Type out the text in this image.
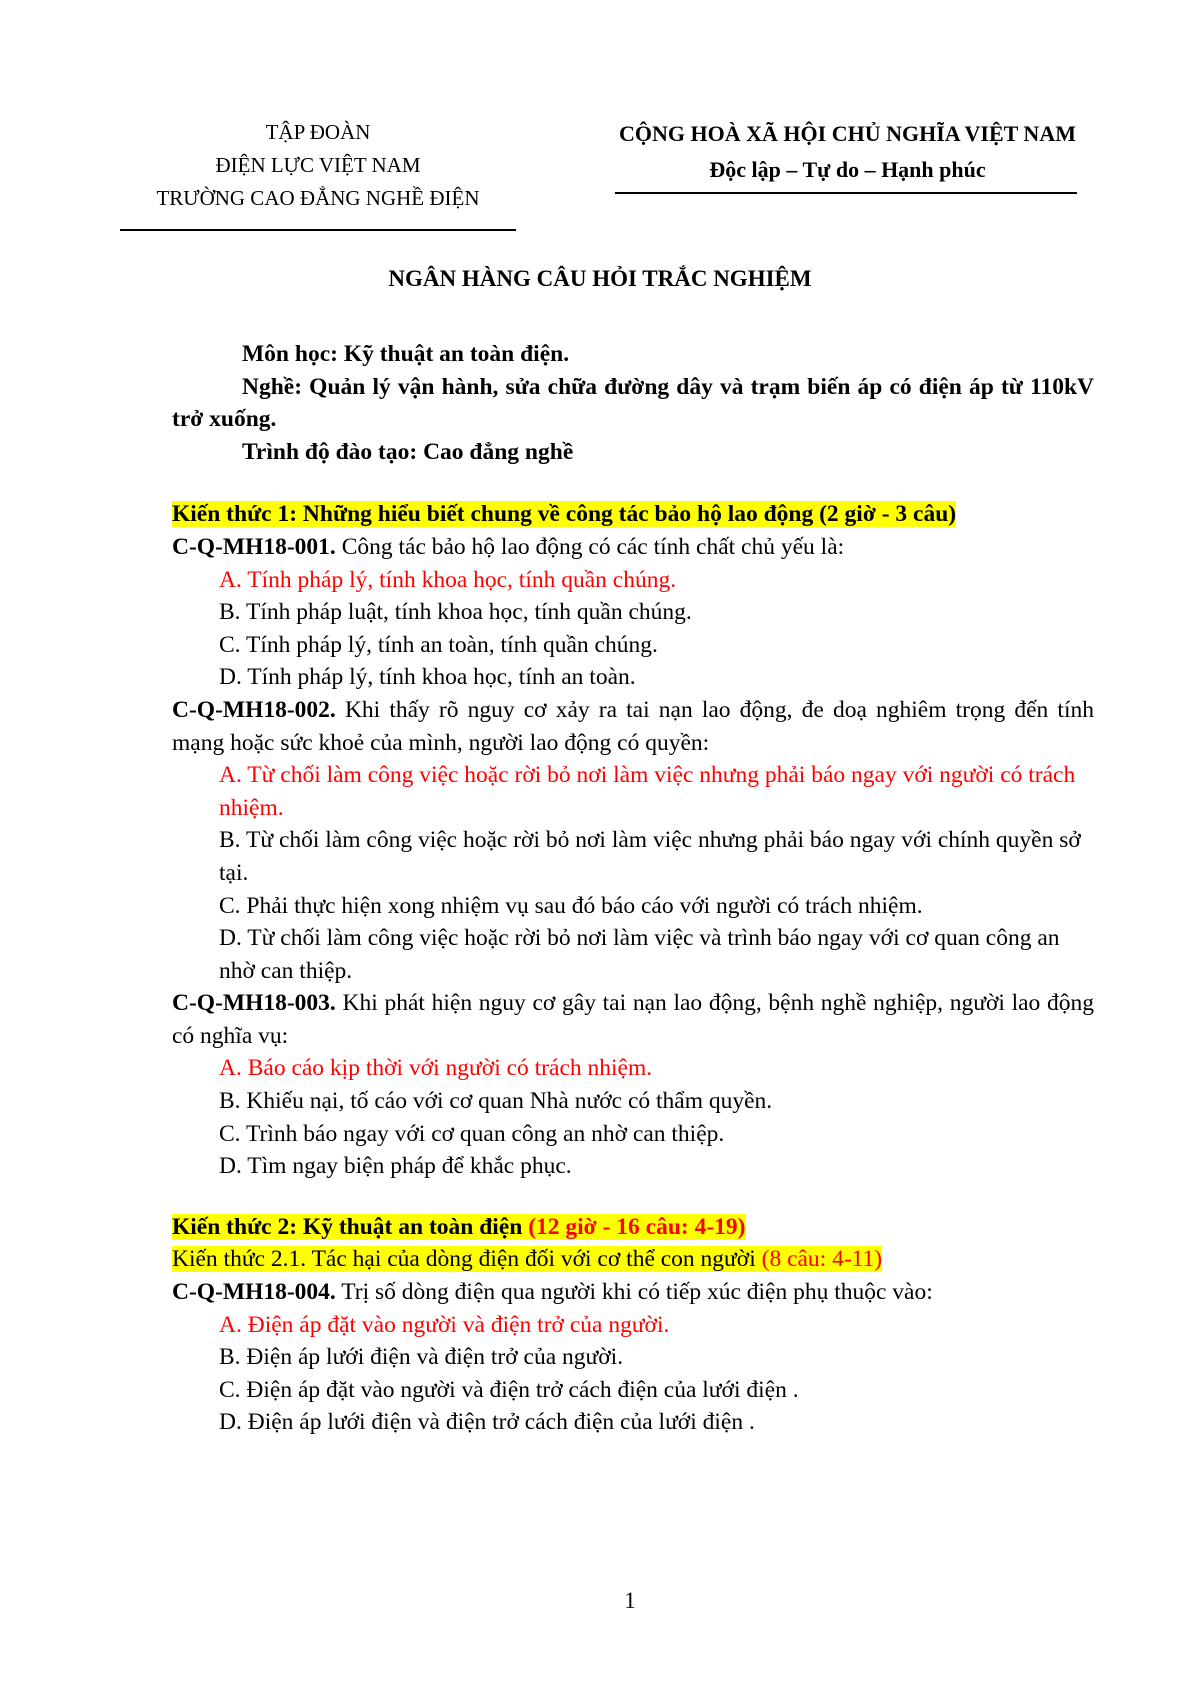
TẬP ĐOÀN
ĐIỆN LỰC VIỆT NAM
TRƯỜNG CAO ĐẲNG NGHỀ ĐIỆN
CỘNG HOÀ XÃ HỘI CHỦ NGHĨA VIỆT NAM
Độc lập – Tự do – Hạnh phúc
NGÂN HÀNG CÂU HỎI TRẮC NGHIỆM

Môn học: Kỹ thuật an toàn điện.

Nghề: Quản lý vận hành, sửa chữa đường dây và trạm biến áp có điện áp từ 110kV trở xuống.

Trình độ đào tạo: Cao đẳng nghề

Kiến thức 1: Những hiểu biết chung về công tác bảo hộ lao động (2 giờ - 3 câu)

C-Q-MH18-001. Công tác bảo hộ lao động có các tính chất chủ yếu là:

A. Tính pháp lý, tính khoa học, tính quần chúng.

B. Tính pháp luật, tính khoa học, tính quần chúng.

C. Tính pháp lý, tính an toàn, tính quần chúng.

D. Tính pháp lý, tính khoa học, tính an toàn.

C-Q-MH18-002. Khi thấy rõ nguy cơ xảy ra tai nạn lao động, đe doạ nghiêm trọng đến tính mạng hoặc sức khoẻ của mình, người lao động có quyền:

A. Từ chối làm công việc hoặc rời bỏ nơi làm việc nhưng phải báo ngay với người có trách nhiệm.

B. Từ chối làm công việc hoặc rời bỏ nơi làm việc nhưng phải báo ngay với chính quyền sở tại.

C. Phải thực hiện xong nhiệm vụ sau đó báo cáo với người có trách nhiệm.

D. Từ chối làm công việc hoặc rời bỏ nơi làm việc và trình báo ngay với cơ quan công an nhờ can thiệp.

C-Q-MH18-003. Khi phát hiện nguy cơ gây tai nạn lao động, bệnh nghề nghiệp, người lao động có nghĩa vụ:

A. Báo cáo kịp thời với người có trách nhiệm.

B. Khiếu nại, tố cáo với cơ quan Nhà nước có thẩm quyền.

C. Trình báo ngay với cơ quan công an nhờ can thiệp.

D. Tìm ngay biện pháp để khắc phục.

Kiến thức 2: Kỹ thuật an toàn điện (12 giờ - 16 câu: 4-19)

Kiến thức 2.1. Tác hại của dòng điện đối với cơ thể con người (8 câu: 4-11)

C-Q-MH18-004. Trị số dòng điện qua người khi có tiếp xúc điện phụ thuộc vào:

A. Điện áp đặt vào người và điện trở của người.

B. Điện áp lưới điện và điện trở của người.

C. Điện áp đặt vào người và điện trở cách điện của lưới điện .

D. Điện áp lưới điện và điện trở cách điện của lưới điện .

1
